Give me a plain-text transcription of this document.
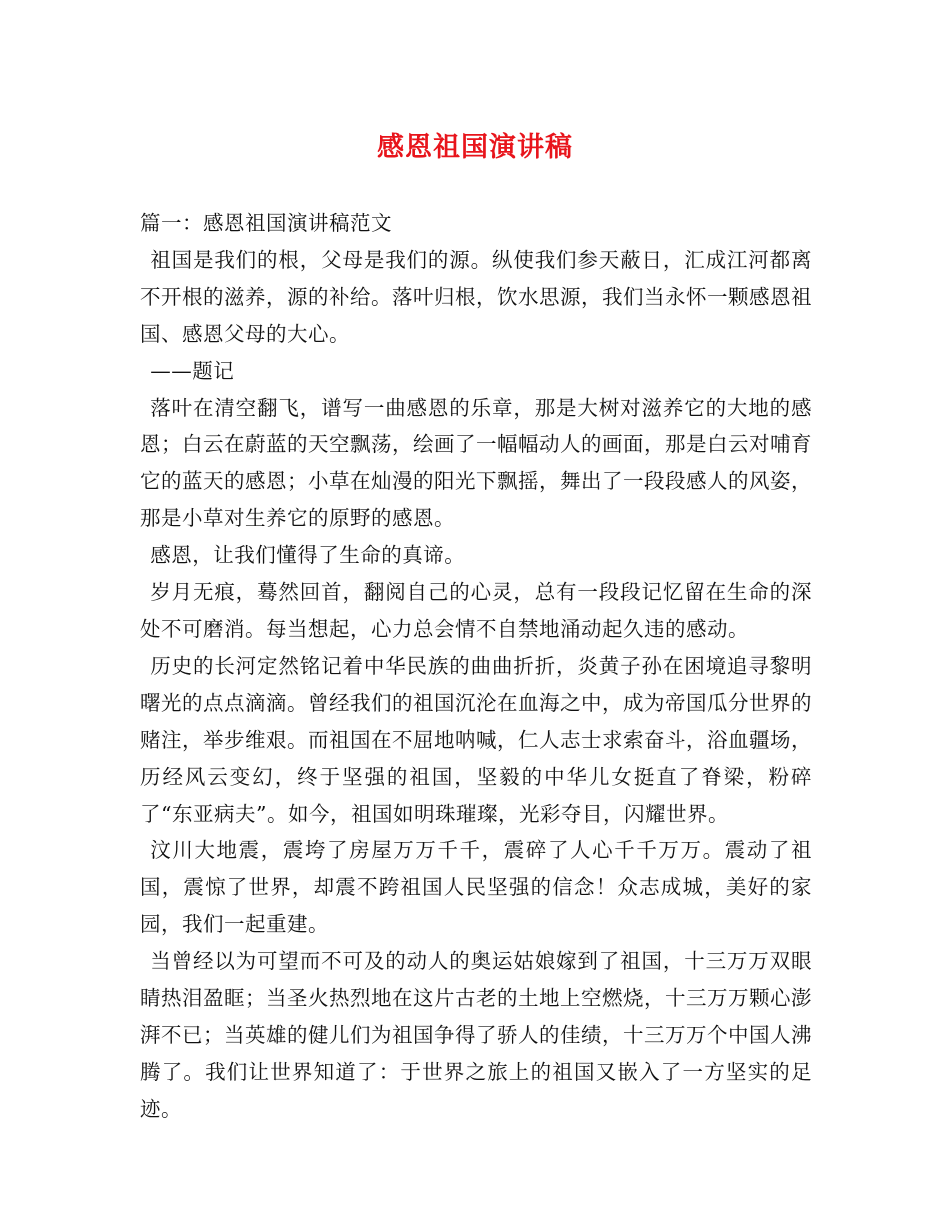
感恩祖国演讲稿

篇一：感恩祖国演讲稿范文

祖国是我们的根，父母是我们的源。纵使我们参天蔽日，汇成江河都离不开根的滋养，源的补给。落叶归根，饮水思源，我们当永怀一颗感恩祖国、感恩父母的大心。

——题记

落叶在清空翻飞，谱写一曲感恩的乐章，那是大树对滋养它的大地的感恩；白云在蔚蓝的天空飘荡，绘画了一幅幅动人的画面，那是白云对哺育它的蓝天的感恩；小草在灿漫的阳光下飘摇，舞出了一段段感人的风姿，那是小草对生养它的原野的感恩。

感恩，让我们懂得了生命的真谛。

岁月无痕，蓦然回首，翻阅自己的心灵，总有一段段记忆留在生命的深处不可磨消。每当想起，心力总会情不自禁地涌动起久违的感动。

历史的长河定然铭记着中华民族的曲曲折折，炎黄子孙在困境追寻黎明曙光的点点滴滴。曾经我们的祖国沉沦在血海之中，成为帝国瓜分世界的赌注，举步维艰。而祖国在不屈地呐喊，仁人志士求索奋斗，浴血疆场，历经风云变幻，终于坚强的祖国，坚毅的中华儿女挺直了脊梁，粉碎了“东亚病夫”。如今，祖国如明珠璀璨，光彩夺目，闪耀世界。

汶川大地震，震垮了房屋万万千千，震碎了人心千千万万。震动了祖国，震惊了世界，却震不跨祖国人民坚强的信念！众志成城，美好的家园，我们一起重建。

当曾经以为可望而不可及的动人的奥运姑娘嫁到了祖国，十三万万双眼睛热泪盈眶；当圣火热烈地在这片古老的土地上空燃烧，十三万万颗心澎湃不已；当英雄的健儿们为祖国争得了骄人的佳绩，十三万万个中国人沸腾了。我们让世界知道了：于世界之旅上的祖国又嵌入了一方坚实的足迹。
